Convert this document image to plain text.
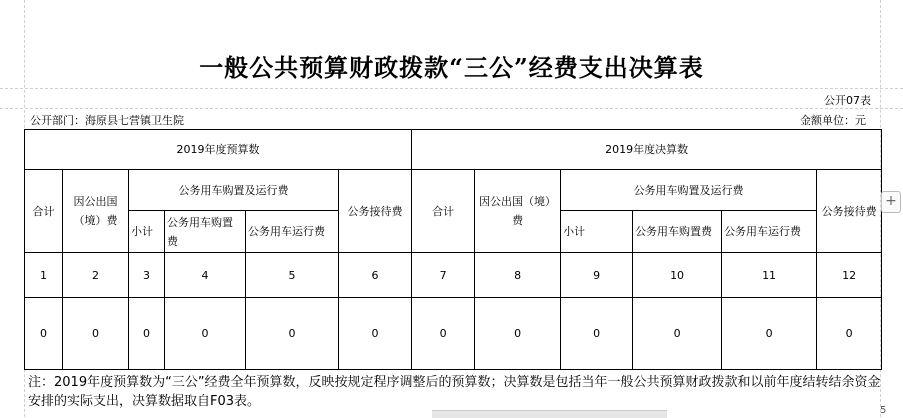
一般公共预算财政拨款“三公”经费支出决算表
公开07表
公开部门：海原县七营镇卫生院	金额单位：元
2019年度预算数						2019年度决算数					
合计	因公出国（境）费	公务用车购置及运行费			公务接待费	合计	因公出国（境）费	公务用车购置及运行费			公务接待费
		小计	公务用车购置费	公务用车运行费				小计	公务用车购置费	公务用车运行费	
1	2	3	4	5	6	7	8	9	10	11	12
0	0	0	0	0	0	0	0	0	0	0	0
注：2019年度预算数为“三公”经费全年预算数，反映按规定程序调整后的预算数；决算数是包括当年一般公共预算财政拨款和以前年度结转结余资金安排的实际支出，决算数据取自F03表。
+
5
